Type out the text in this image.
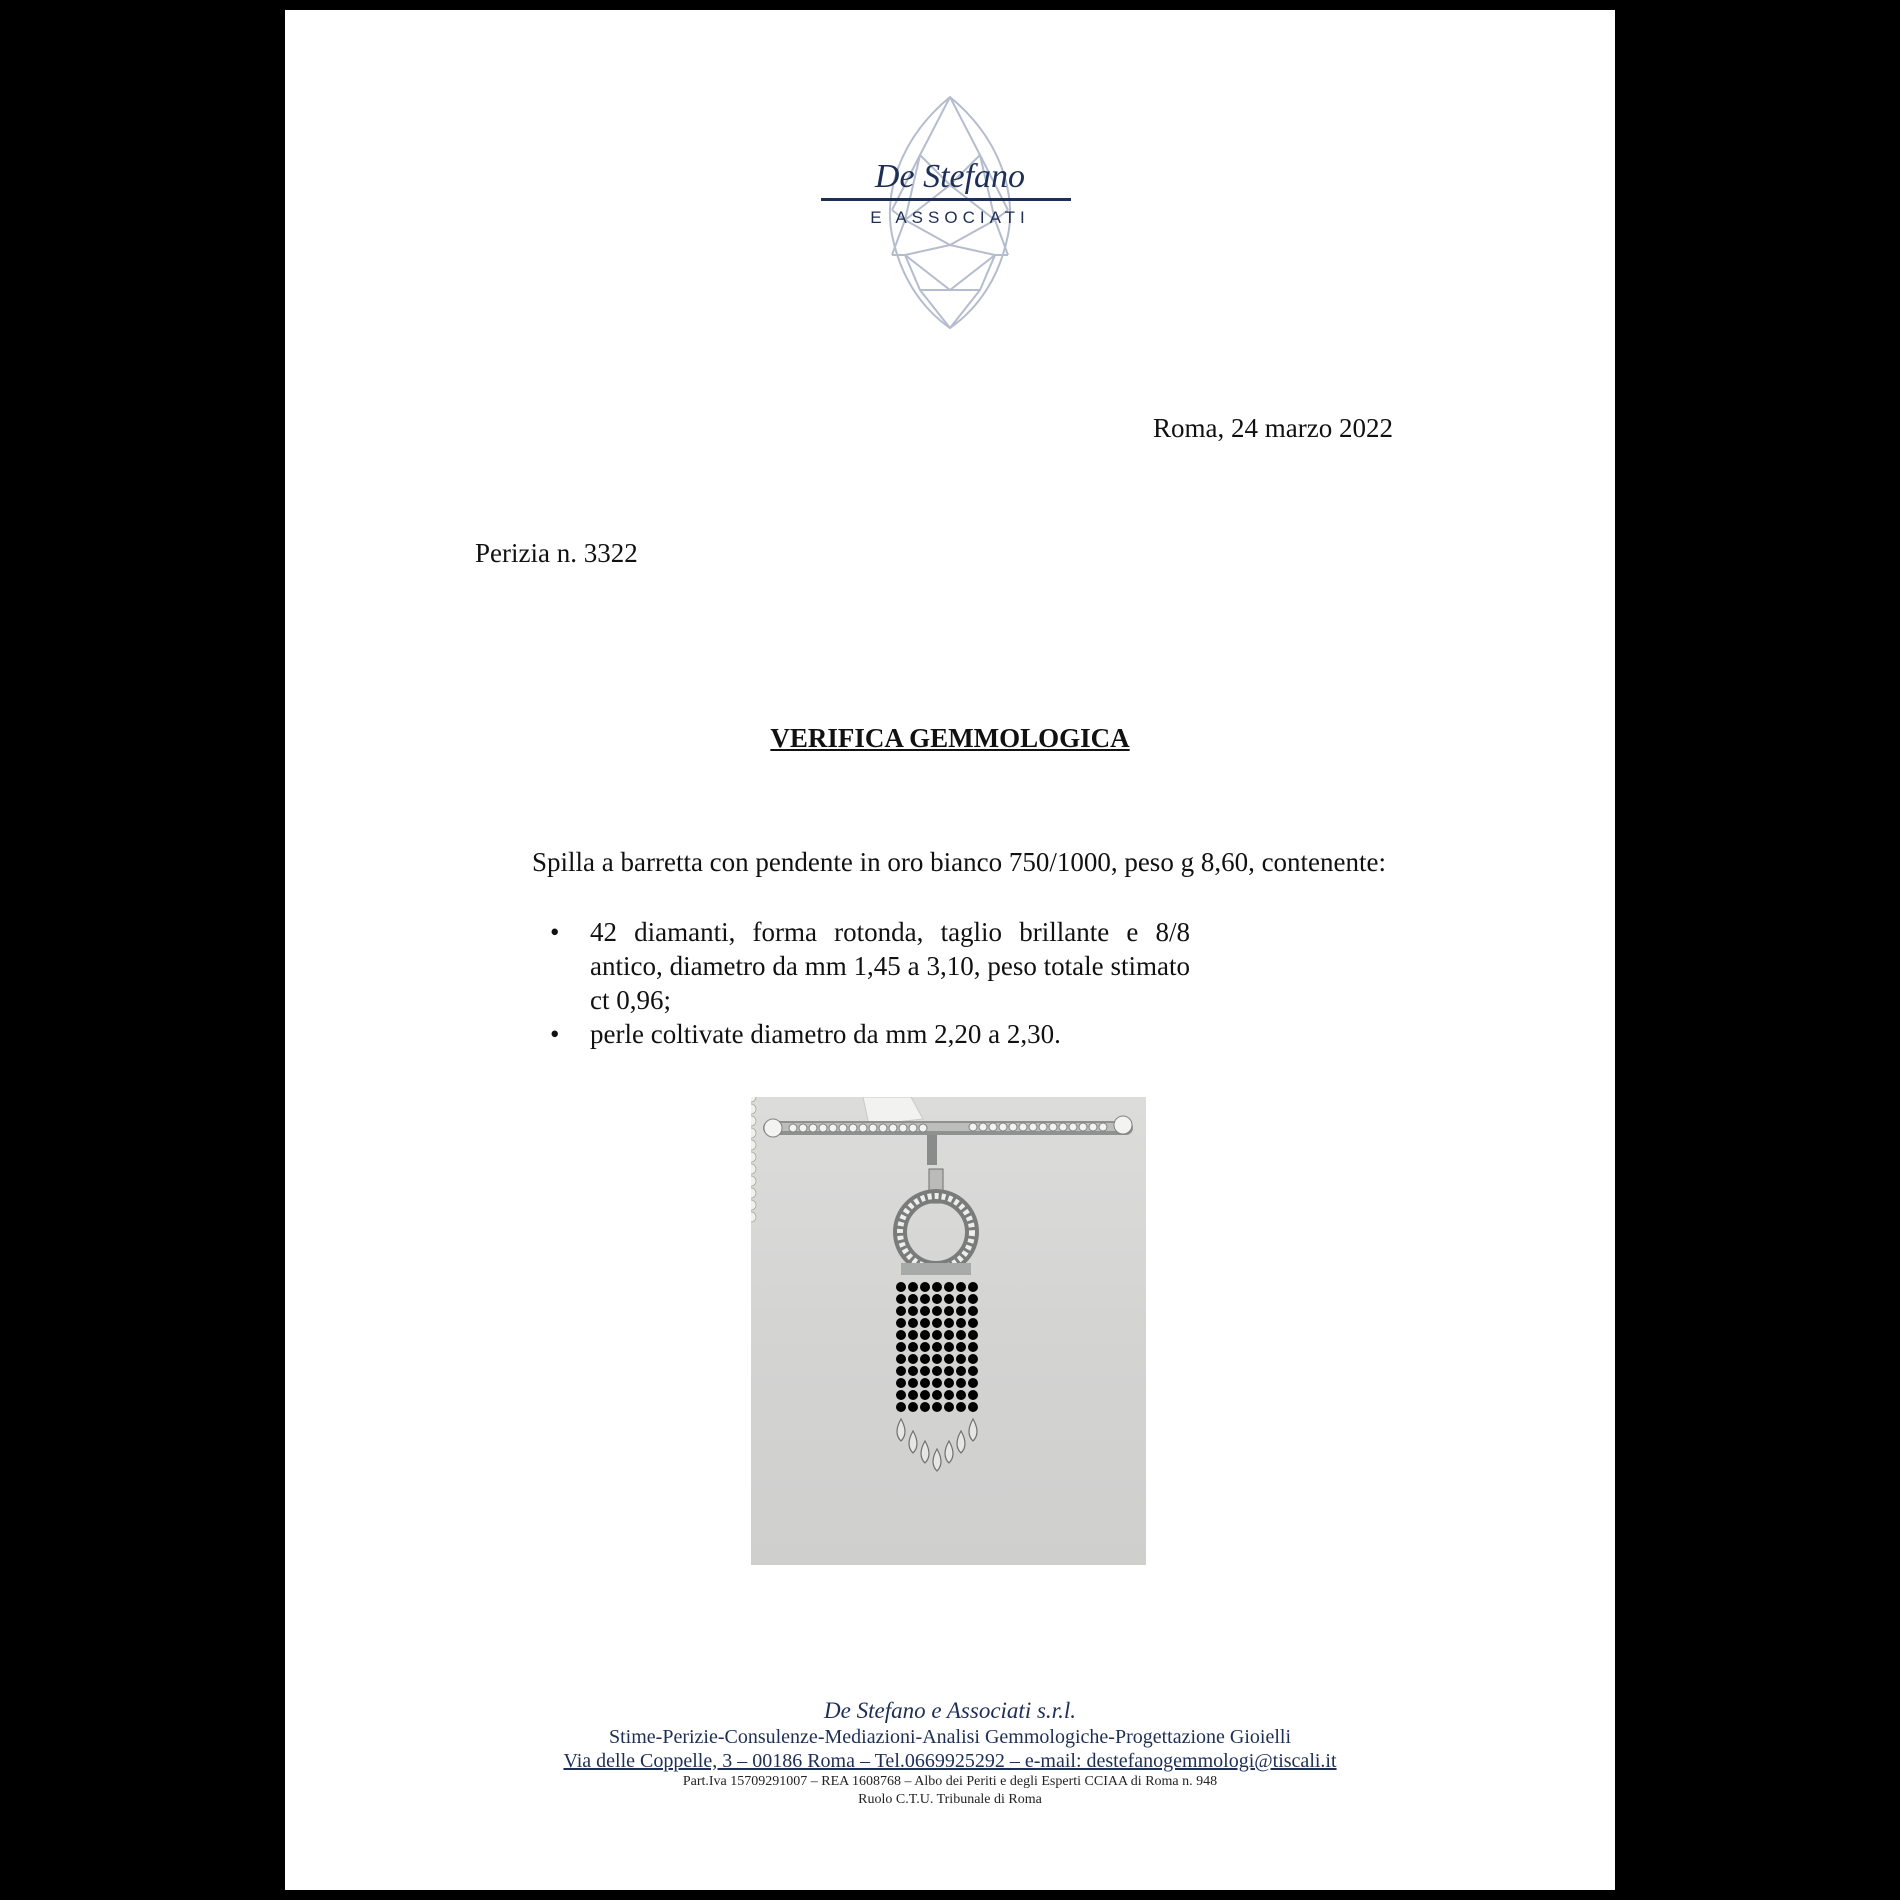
De Stefano
E ASSOCIATI
Roma, 24 marzo 2022
Perizia n. 3322
VERIFICA GEMMOLOGICA
Spilla a barretta con pendente in oro bianco 750/1000, peso g 8,60, contenente:
• 42 diamanti, forma rotonda, taglio brillante e 8/8 antico, diametro da mm 1,45 a 3,10, peso totale stimato ct 0,96;
• perle coltivate diametro da mm 2,20 a 2,30.
De Stefano e Associati s.r.l.
Stime-Perizie-Consulenze-Mediazioni-Analisi Gemmologiche-Progettazione Gioielli
Via delle Coppelle, 3 – 00186 Roma – Tel.0669925292 – e-mail: destefanogemmologi@tiscali.it
Part.Iva 15709291007 – REA 1608768 – Albo dei Periti e degli Esperti CCIAA di Roma n. 948
Ruolo C.T.U. Tribunale di Roma
